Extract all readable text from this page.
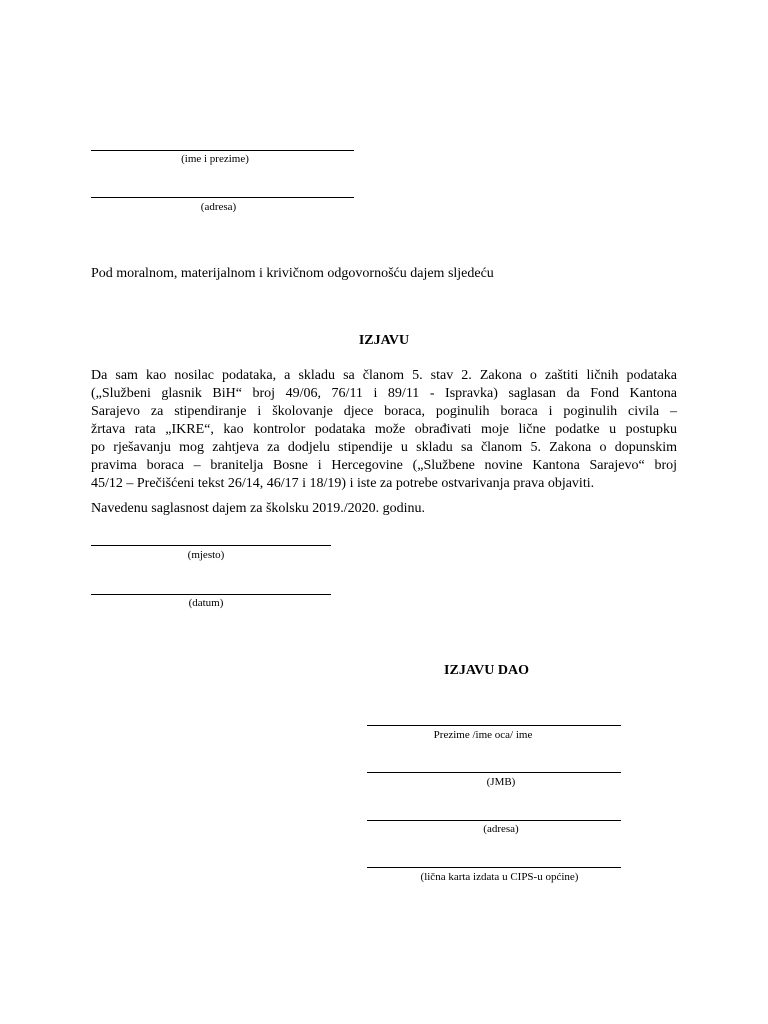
(ime i prezime)
(adresa)
Pod moralnom, materijalnom i krivičnom odgovornošću dajem sljedeću
IZJAVU
Da sam kao nosilac podataka, a skladu sa članom 5. stav 2. Zakona o zaštiti ličnih podataka
(„Službeni glasnik BiH“ broj 49/06, 76/11 i 89/11 - Ispravka) saglasan da Fond Kantona
Sarajevo za stipendiranje i školovanje djece boraca, poginulih boraca i poginulih civila –
žrtava rata „IKRE“, kao kontrolor podataka može obrađivati moje lične podatke u postupku
po rješavanju mog zahtjeva za dodjelu stipendije u skladu sa članom 5. Zakona o dopunskim
pravima boraca – branitelja Bosne i Hercegovine („Službene novine Kantona Sarajevo“ broj
45/12 – Prečišćeni tekst 26/14, 46/17 i 18/19) i iste za potrebe ostvarivanja prava objaviti.
Navedenu saglasnost dajem za školsku 2019./2020. godinu.
(mjesto)
(datum)
IZJAVU DAO
Prezime /ime oca/ ime
(JMB)
(adresa)
(lična karta izdata u CIPS-u općine)
